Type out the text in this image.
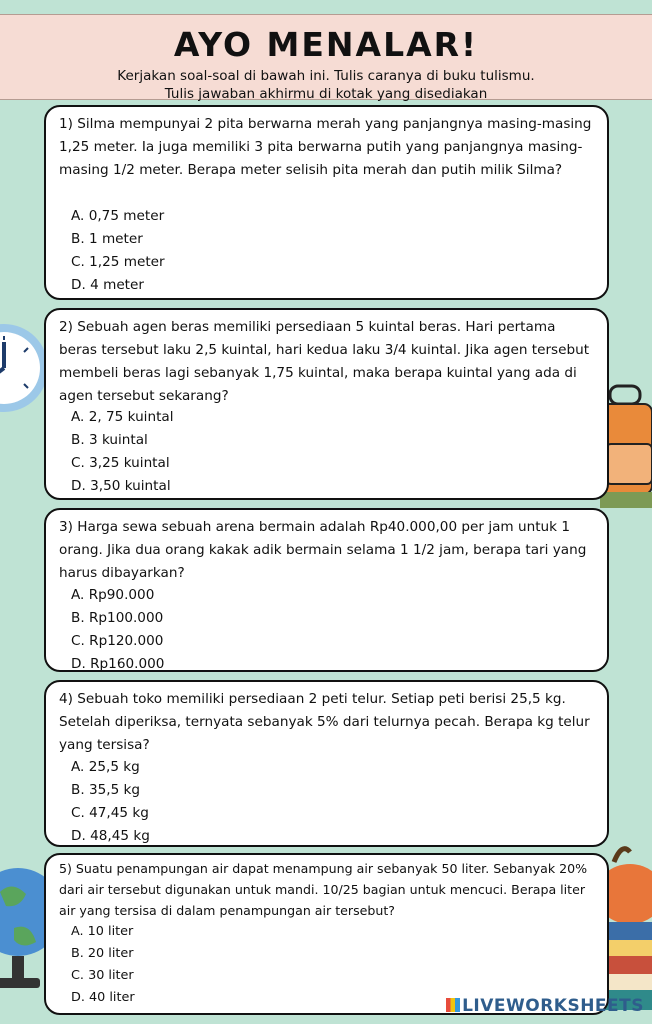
AYO MENALAR!
Kerjakan soal-soal di bawah ini. Tulis caranya di buku tulismu.
Tulis jawaban akhirmu di kotak yang disediakan
1) Silma mempunyai 2 pita berwarna merah yang panjangnya masing-masing 1,25 meter. Ia juga memiliki 3 pita berwarna putih yang panjangnya masing-masing 1/2 meter. Berapa meter selisih pita merah dan putih milik Silma?
A. 0,75 meter
B. 1 meter
C. 1,25 meter
D. 4 meter
2) Sebuah agen beras memiliki persediaan 5 kuintal beras. Hari pertama beras tersebut laku 2,5 kuintal, hari kedua laku 3/4 kuintal. Jika agen tersebut membeli beras lagi sebanyak 1,75 kuintal, maka berapa kuintal yang ada di agen tersebut sekarang?
A. 2, 75 kuintal
B. 3 kuintal
C. 3,25 kuintal
D. 3,50 kuintal
3) Harga sewa sebuah arena bermain adalah Rp40.000,00 per jam untuk 1 orang. Jika dua orang kakak adik bermain selama 1 1/2 jam, berapa tari yang harus dibayarkan?
A. Rp90.000
B. Rp100.000
C. Rp120.000
D. Rp160.000
4) Sebuah toko memiliki persediaan 2 peti telur. Setiap peti berisi 25,5 kg. Setelah diperiksa, ternyata sebanyak 5% dari telurnya pecah. Berapa kg telur yang tersisa?
A. 25,5 kg
B. 35,5 kg
C. 47,45 kg
D. 48,45 kg
5) Suatu penampungan air dapat menampung air sebanyak 50 liter. Sebanyak 20% dari air tersebut digunakan untuk mandi. 10/25 bagian untuk mencuci. Berapa liter air yang tersisa di dalam penampungan air tersebut?
A. 10 liter
B. 20 liter
C. 30 liter
D. 40 liter	LIVEWORKSHEETS
